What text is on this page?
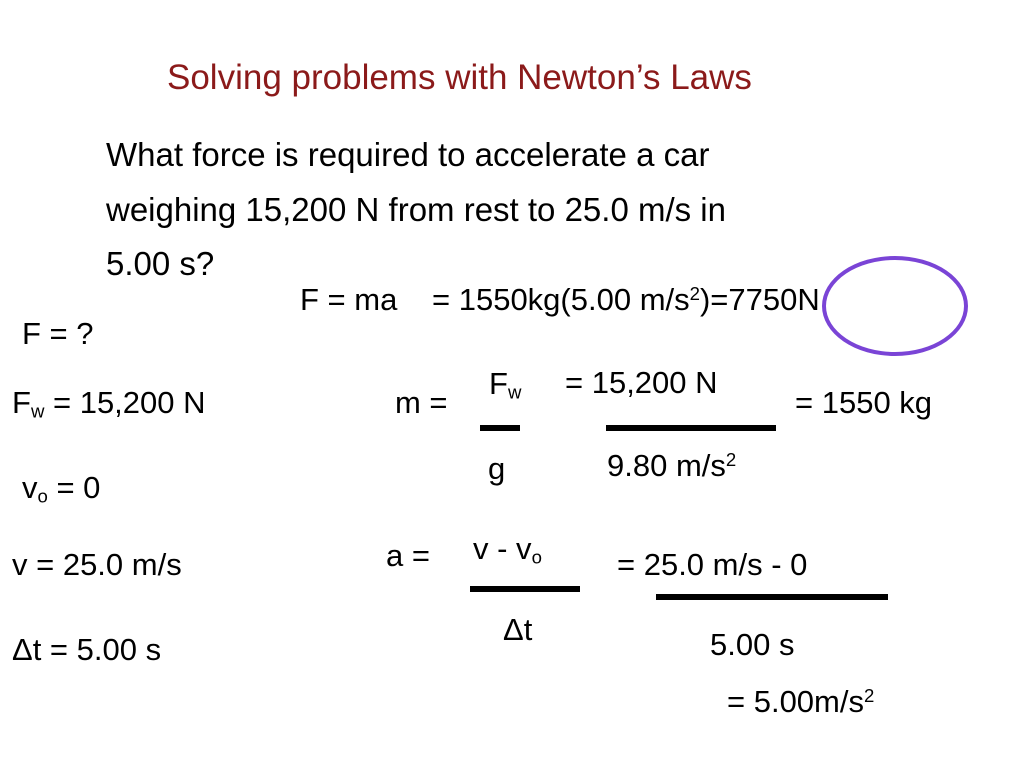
Solving problems with Newton’s Laws
What force is required to accelerate a car
weighing 15,200 N from rest to 25.0 m/s in
5.00 s?
F = ma = 1550kg(5.00 $m/s^2)=7750N$
F = ?
$F_w = 15,200$ N
$v_o = 0$
v = 25.0 m/s
Δt = 5.00 s
m =
$F_w$
g
= 15,200 N
9.80 $m/s^2$
= 1550 kg
$a = v - v_o$
Δt
= 25.0 m/s - 0
5.00 s
= $5.00m/s^2$
